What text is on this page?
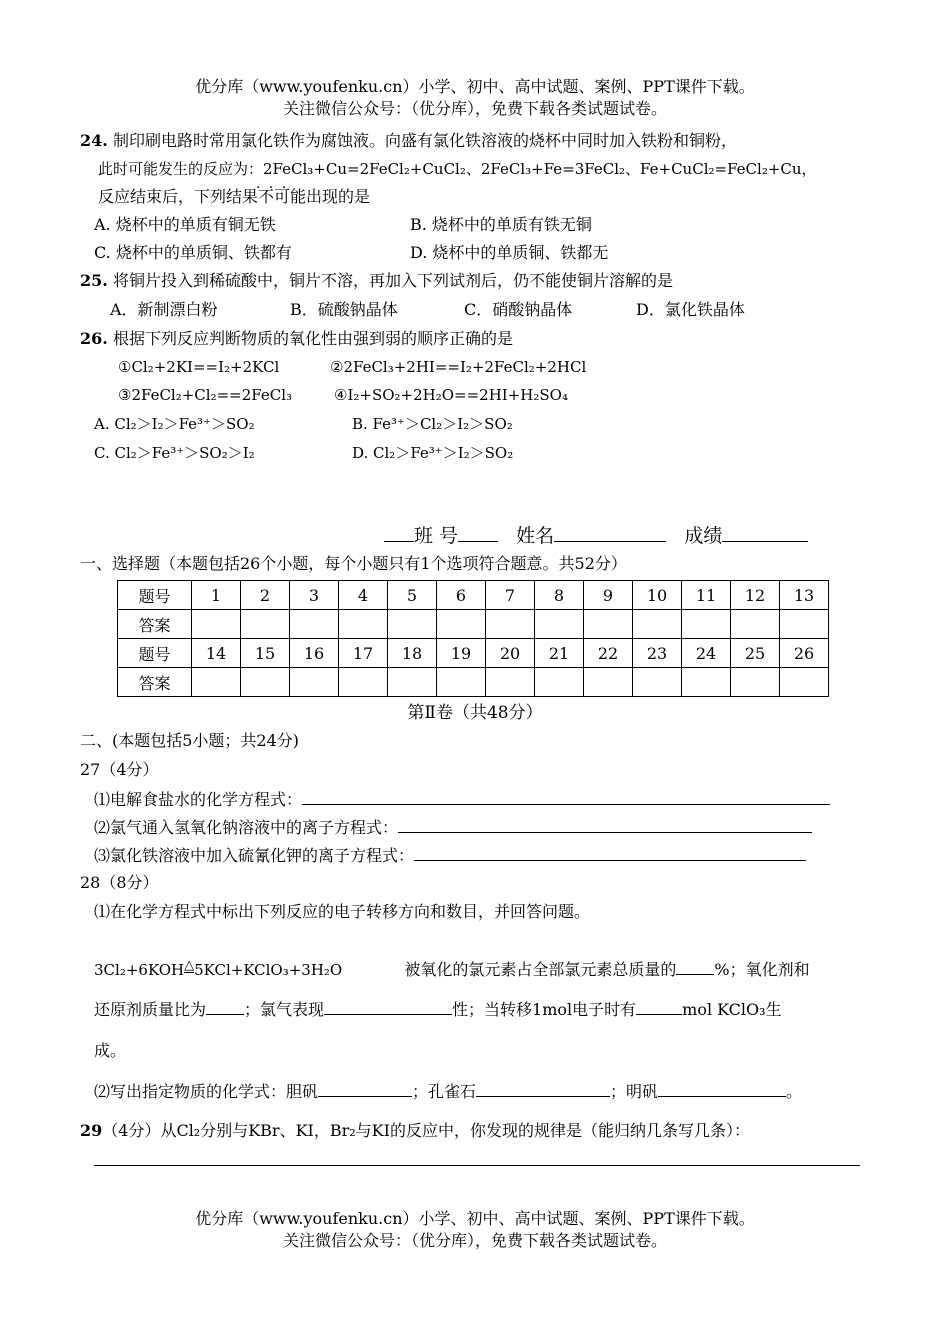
优分库（www.youfenku.cn）小学、初中、高中试题、案例、PPT课件下载。
关注微信公众号：（优分库），免费下载各类试题试卷。
24. 制印刷电路时常用氯化铁作为腐蚀液。向盛有氯化铁溶液的烧杯中同时加入铁粉和铜粉，
此时可能发生的反应为：2FeCl₃+Cu=2FeCl₂+CuCl₂、2FeCl₃+Fe=3FeCl₂、Fe+CuCl₂=FeCl₂+Cu，
反应结束后，下列结果不可能 · · ·出现的是
A. 烧杯中的单质有铜无铁	B. 烧杯中的单质有铁无铜
C. 烧杯中的单质铜、铁都有	D. 烧杯中的单质铜、铁都无
25. 将铜片投入到稀硫酸中，铜片不溶，再加入下列试剂后，仍不能使铜片溶解的是
A．新制漂白粉	B．硫酸钠晶体	C．硝酸钠晶体	D．氯化铁晶体
26. 根据下列反应判断物质的氧化性由强到弱的顺序正确的是
①Cl₂+2KI==I₂+2KCl	②2FeCl₃+2HI==I₂+2FeCl₂+2HCl
③2FeCl₂+Cl₂==2FeCl₃	④I₂+SO₂+2H₂O==2HI+H₂SO₄
A. Cl₂＞I₂＞Fe³⁺＞SO₂	B. Fe³⁺＞Cl₂＞I₂＞SO₂
C. Cl₂＞Fe³⁺＞SO₂＞I₂	D. Cl₂＞Fe³⁺＞I₂＞SO₂
班 号	姓名	成绩
一、选择题（本题包括26个小题，每个小题只有1个选项符合题意。共52分）
题号	1	2	3	4	5	6	7	8	9	10	11	12	13
答案													
题号	14	15	16	17	18	19	20	21	22	23	24	25	26
答案													
第Ⅱ卷（共48分）
二、(本题包括5小题；共24分)
27（4分）
⑴电解食盐水的化学方程式：
⑵氯气通入氢氧化钠溶液中的离子方程式：
⑶氯化铁溶液中加入硫氰化钾的离子方程式：
28（8分）
⑴在化学方程式中标出下列反应的电子转移方向和数目，并回答问题。
3Cl₂+6KOH△5KCl+KClO₃+3H₂O	被氧化的氯元素占全部氯元素总质量的 %；氧化剂和
还原剂质量比为 ；氯气表现	性；当转移1mol电子时有	mol KClO₃生
成。
⑵写出指定物质的化学式：胆矾	；孔雀石	；明矾	。
29（4分）从Cl₂分别与KBr、KI，Br₂与KI的反应中，你发现的规律是（能归纳几条写几条）：
优分库（www.youfenku.cn）小学、初中、高中试题、案例、PPT课件下载。
关注微信公众号：（优分库），免费下载各类试题试卷。
